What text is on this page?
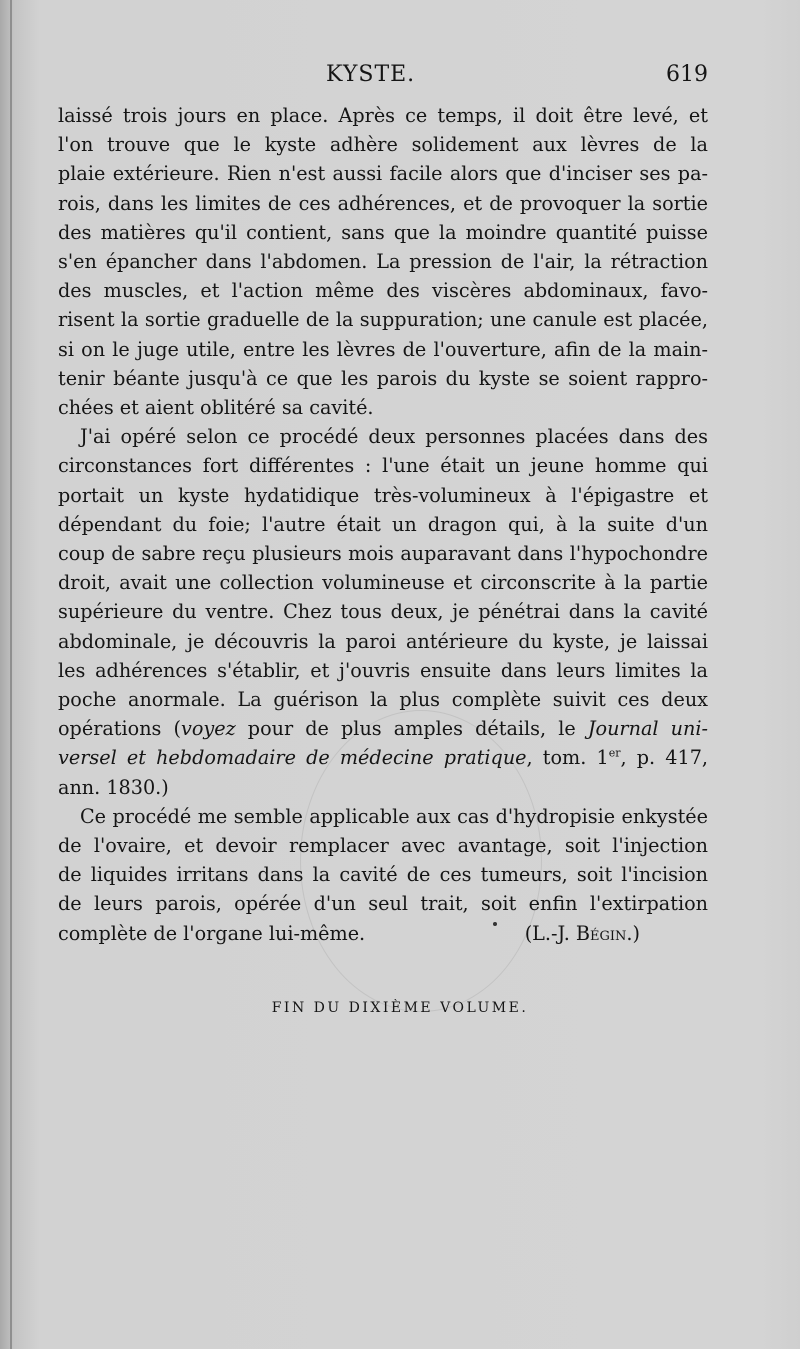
KYSTE.	619
laissé trois jours en place. Après ce temps, il doit être levé, et
l'on trouve que le kyste adhère solidement aux lèvres de la
plaie extérieure. Rien n'est aussi facile alors que d'inciser ses pa-
rois, dans les limites de ces adhérences, et de provoquer la sortie
des matières qu'il contient, sans que la moindre quantité puisse
s'en épancher dans l'abdomen. La pression de l'air, la rétraction
des muscles, et l'action même des viscères abdominaux, favo-
risent la sortie graduelle de la suppuration; une canule est placée,
si on le juge utile, entre les lèvres de l'ouverture, afin de la main-
tenir béante jusqu'à ce que les parois du kyste se soient rappro-
chées et aient oblitéré sa cavité.
J'ai opéré selon ce procédé deux personnes placées dans des
circonstances fort différentes : l'une était un jeune homme qui
portait un kyste hydatidique très-volumineux à l'épigastre et
dépendant du foie; l'autre était un dragon qui, à la suite d'un
coup de sabre reçu plusieurs mois auparavant dans l'hypochondre
droit, avait une collection volumineuse et circonscrite à la partie
supérieure du ventre. Chez tous deux, je pénétrai dans la cavité
abdominale, je découvris la paroi antérieure du kyste, je laissai
les adhérences s'établir, et j'ouvris ensuite dans leurs limites la
poche anormale. La guérison la plus complète suivit ces deux
opérations (voyez pour de plus amples détails, le Journal uni-
versel et hebdomadaire de médecine pratique, tom. 1er, p. 417,
ann. 1830.)
Ce procédé me semble applicable aux cas d'hydropisie enkystée
de l'ovaire, et devoir remplacer avec avantage, soit l'injection
de liquides irritans dans la cavité de ces tumeurs, soit l'incision
de leurs parois, opérée d'un seul trait, soit enfin l'extirpation
complète de l'organe lui-même.	(L.-J. Bégin.)
FIN DU DIXIÈME VOLUME.
